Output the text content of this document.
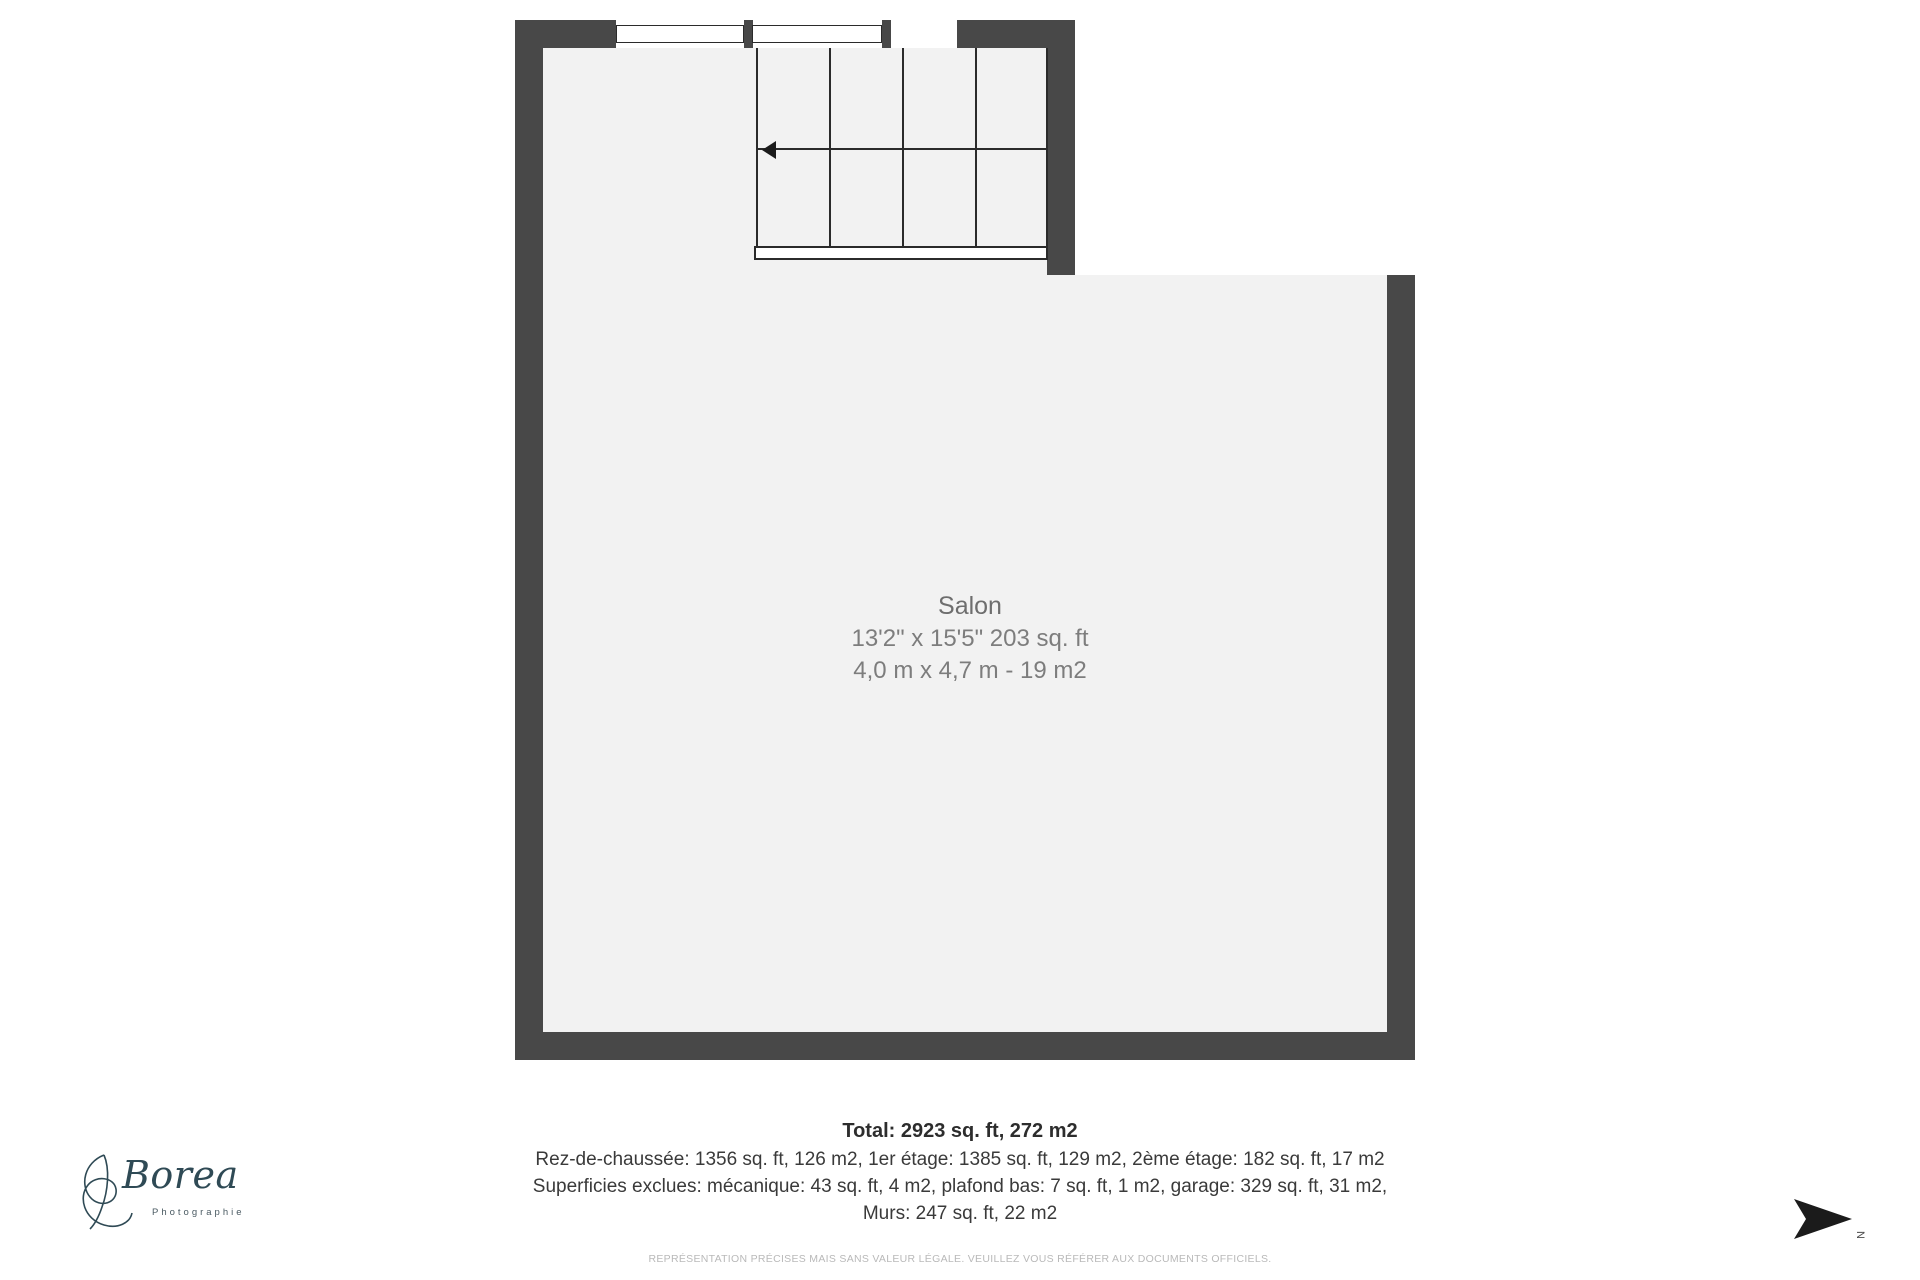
Salon
13'2" x 15'5" 203 sq. ft
4,0 m x 4,7 m - 19 m2
Total: 2923 sq. ft, 272 m2
Rez-de-chaussée: 1356 sq. ft, 126 m2, 1er étage: 1385 sq. ft, 129 m2, 2ème étage: 182 sq. ft, 17 m2
Superficies exclues: mécanique: 43 sq. ft, 4 m2, plafond bas: 7 sq. ft, 1 m2, garage: 329 sq. ft, 31 m2,
Murs: 247 sq. ft, 22 m2
REPRÉSENTATION PRÉCISES MAIS SANS VALEUR LÉGALE. VEUILLEZ VOUS RÉFÉRER AUX DOCUMENTS OFFICIELS.
Borea
Photographie
N
